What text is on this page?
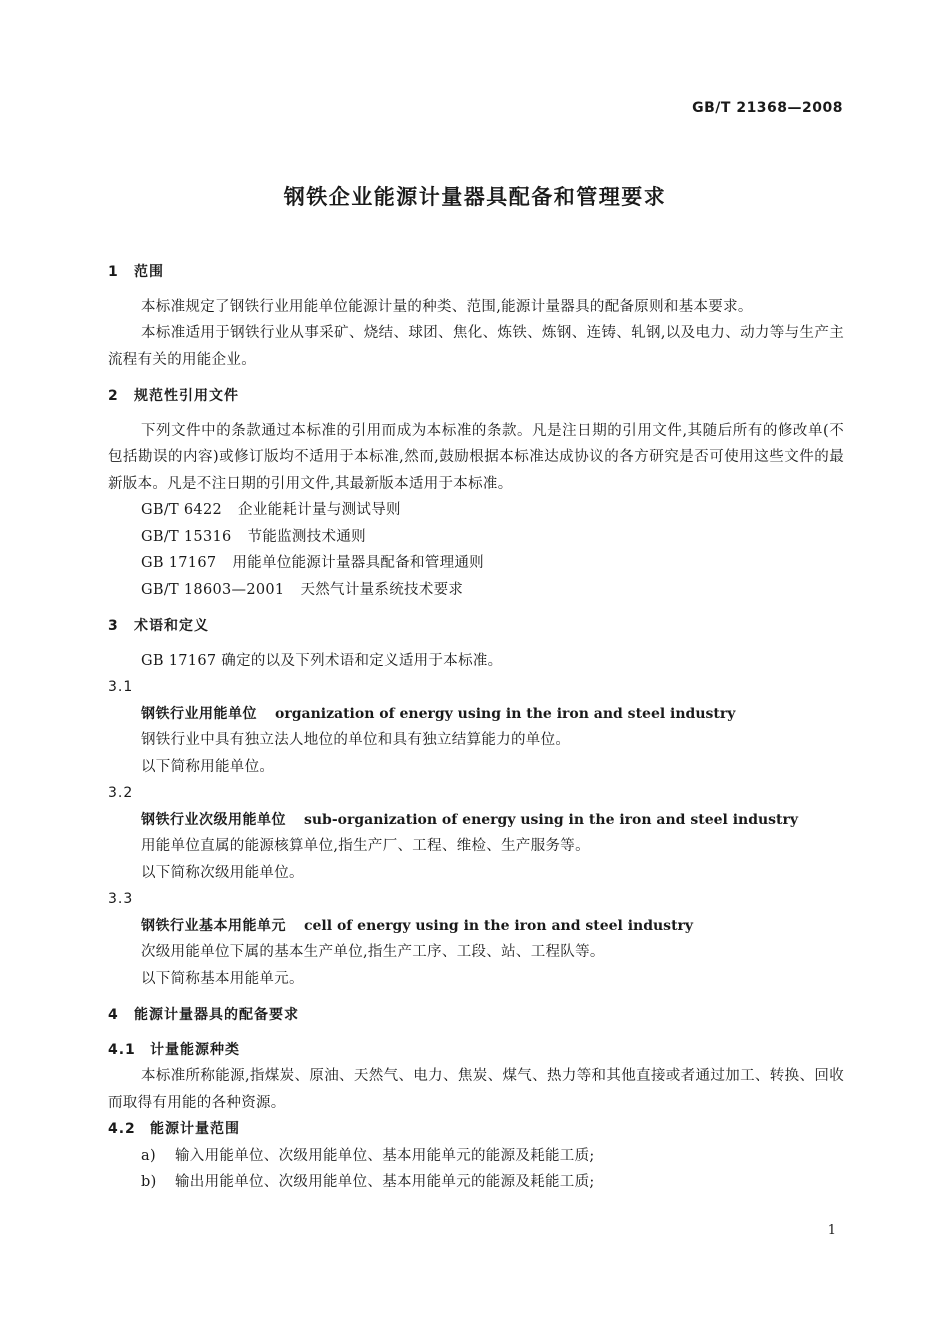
GB/T 21368—2008
钢铁企业能源计量器具配备和管理要求
1 范围

本标准规定了钢铁行业用能单位能源计量的种类、范围,能源计量器具的配备原则和基本要求。

本标准适用于钢铁行业从事采矿、烧结、球团、焦化、炼铁、炼钢、连铸、轧钢,以及电力、动力等与生产主流程有关的用能企业。

2 规范性引用文件

下列文件中的条款通过本标准的引用而成为本标准的条款。凡是注日期的引用文件,其随后所有的修改单(不包括勘误的内容)或修订版均不适用于本标准,然而,鼓励根据本标准达成协议的各方研究是否可使用这些文件的最新版本。凡是不注日期的引用文件,其最新版本适用于本标准。

GB/T 6422 企业能耗计量与测试导则
GB/T 15316 节能监测技术通则
GB 17167 用能单位能源计量器具配备和管理通则
GB/T 18603—2001 天然气计量系统技术要求
3 术语和定义

GB 17167 确定的以及下列术语和定义适用于本标准。

3.1
钢铁行业用能单位 organization of energy using in the iron and steel industry
钢铁行业中具有独立法人地位的单位和具有独立结算能力的单位。
以下简称用能单位。
3.2
钢铁行业次级用能单位 sub-organization of energy using in the iron and steel industry
用能单位直属的能源核算单位,指生产厂、工程、维检、生产服务等。
以下简称次级用能单位。
3.3
钢铁行业基本用能单元 cell of energy using in the iron and steel industry
次级用能单位下属的基本生产单位,指生产工序、工段、站、工程队等。
以下简称基本用能单元。
4 能源计量器具的配备要求
4.1 计量能源种类

本标准所称能源,指煤炭、原油、天然气、电力、焦炭、煤气、热力等和其他直接或者通过加工、转换、回收而取得有用能的各种资源。

4.2 能源计量范围
a) 输入用能单位、次级用能单位、基本用能单元的能源及耗能工质;
b) 输出用能单位、次级用能单位、基本用能单元的能源及耗能工质;
1
